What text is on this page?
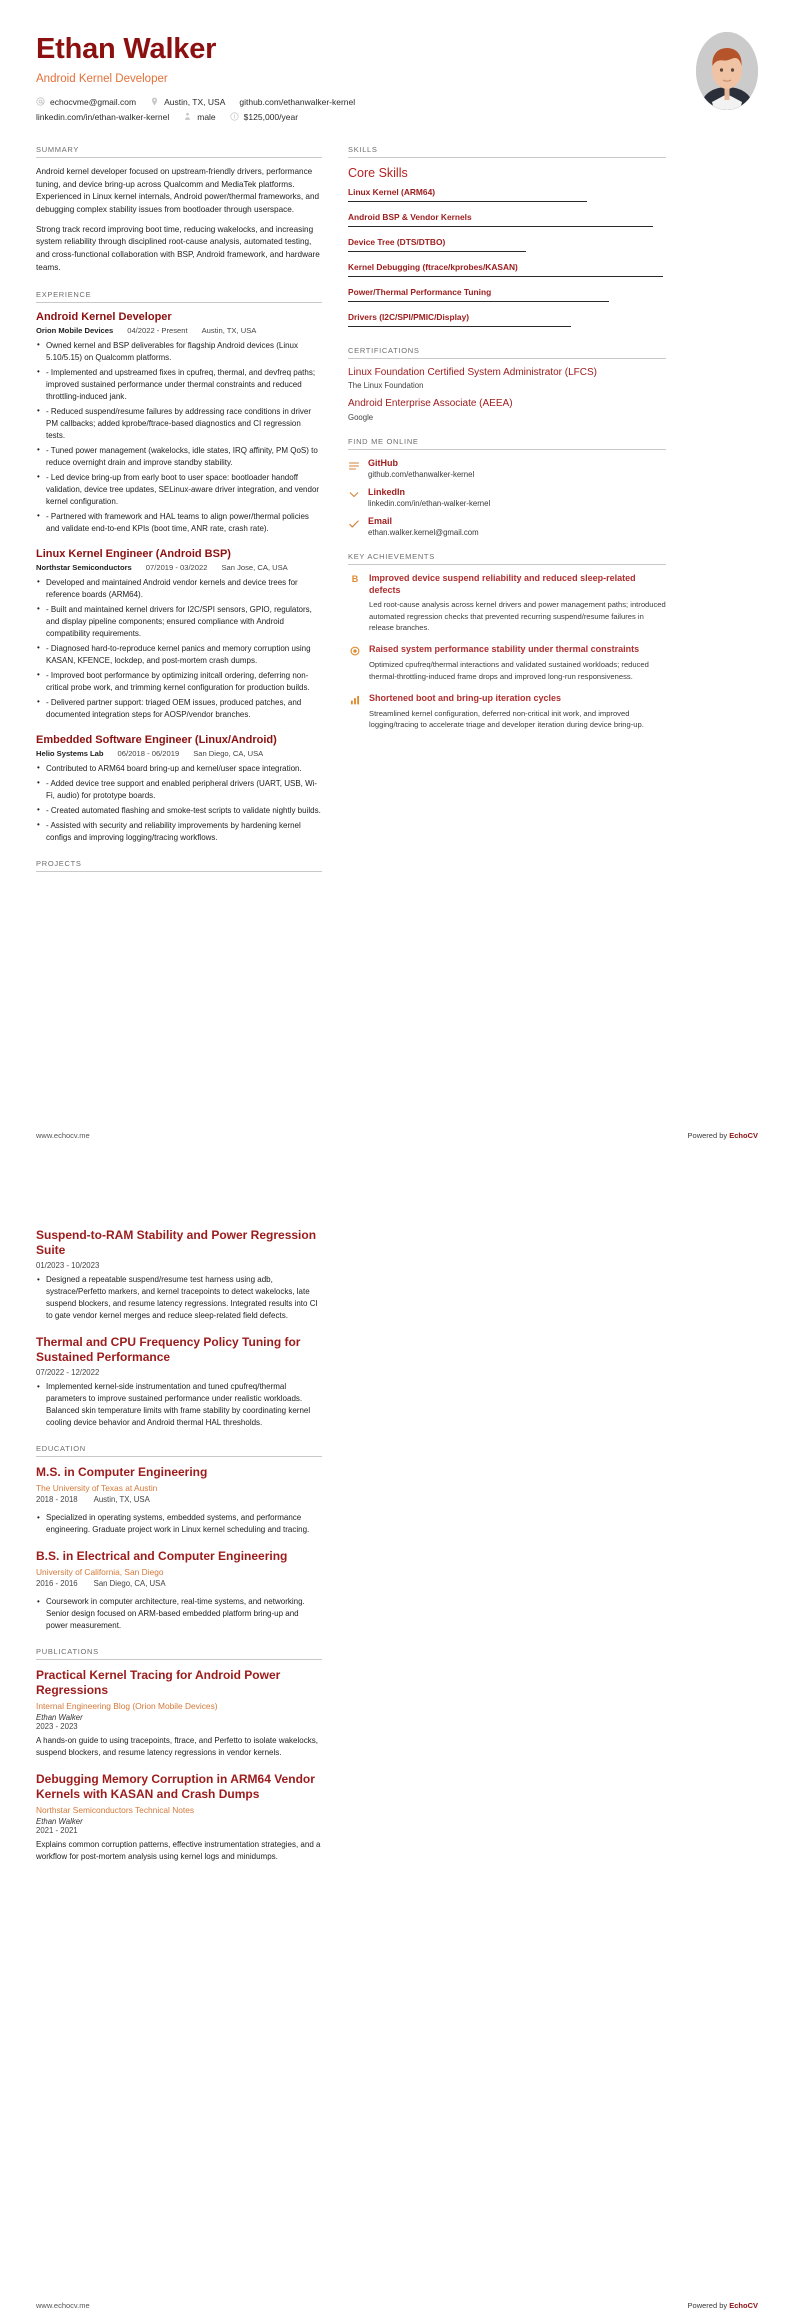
Ethan Walker
Android Kernel Developer
echocvme@gmail.com	Austin, TX, USA github.com/ethanwalker-kernel
linkedin.com/in/ethan-walker-kernel	male	$125,000/year
SUMMARY
Android kernel developer focused on upstream-friendly drivers, performance tuning, and device bring-up across Qualcomm and MediaTek platforms. Experienced in Linux kernel internals, Android power/thermal frameworks, and debugging complex stability issues from bootloader through userspace.
Strong track record improving boot time, reducing wakelocks, and increasing system reliability through disciplined root-cause analysis, automated testing, and cross-functional collaboration with BSP, Android framework, and hardware teams.
EXPERIENCE
Android Kernel Developer
Orion Mobile Devices 04/2022 - Present Austin, TX, USA
• Owned kernel and BSP deliverables for flagship Android devices (Linux 5.10/5.15) on Qualcomm platforms.
• - Implemented and upstreamed fixes in cpufreq, thermal, and devfreq paths; improved sustained performance under thermal constraints and reduced throttling-induced jank.
• - Reduced suspend/resume failures by addressing race conditions in driver PM callbacks; added kprobe/ftrace-based diagnostics and CI regression tests.
• - Tuned power management (wakelocks, idle states, IRQ affinity, PM QoS) to reduce overnight drain and improve standby stability.
• - Led device bring-up from early boot to user space: bootloader handoff validation, device tree updates, SELinux-aware driver integration, and vendor kernel configuration.
• - Partnered with framework and HAL teams to align power/thermal policies and validate end-to-end KPIs (boot time, ANR rate, crash rate).
Linux Kernel Engineer (Android BSP)
Northstar Semiconductors 07/2019 - 03/2022 San Jose, CA, USA
• Developed and maintained Android vendor kernels and device trees for reference boards (ARM64).
• - Built and maintained kernel drivers for I2C/SPI sensors, GPIO, regulators, and display pipeline components; ensured compliance with Android compatibility requirements.
• - Diagnosed hard-to-reproduce kernel panics and memory corruption using KASAN, KFENCE, lockdep, and post-mortem crash dumps.
• - Improved boot performance by optimizing initcall ordering, deferring non-critical probe work, and trimming kernel configuration for production builds.
• - Delivered partner support: triaged OEM issues, produced patches, and documented integration steps for AOSP/vendor branches.
Embedded Software Engineer (Linux/Android)
Helio Systems Lab 06/2018 - 06/2019 San Diego, CA, USA
• Contributed to ARM64 board bring-up and kernel/user space integration.
• - Added device tree support and enabled peripheral drivers (UART, USB, Wi-Fi, audio) for prototype boards.
• - Created automated flashing and smoke-test scripts to validate nightly builds.
• - Assisted with security and reliability improvements by hardening kernel configs and improving logging/tracing workflows.
PROJECTS
SKILLS
Core Skills
Linux Kernel (ARM64)
Android BSP & Vendor Kernels
Device Tree (DTS/DTBO)
Kernel Debugging (ftrace/kprobes/KASAN)
Power/Thermal Performance Tuning
Drivers (I2C/SPI/PMIC/Display)
CERTIFICATIONS
Linux Foundation Certified System Administrator (LFCS)
The Linux Foundation
Android Enterprise Associate (AEEA)
Google
FIND ME ONLINE
GitHub
github.com/ethanwalker-kernel
LinkedIn
linkedin.com/in/ethan-walker-kernel
Email
ethan.walker.kernel@gmail.com
KEY ACHIEVEMENTS
B	Improved device suspend reliability and reduced sleep-related defects
Led root-cause analysis across kernel drivers and power management paths; introduced automated regression checks that prevented recurring suspend/resume failures in release branches.
Raised system performance stability under thermal constraints
Optimized cpufreq/thermal interactions and validated sustained workloads; reduced thermal-throttling-induced frame drops and improved long-run responsiveness.
Shortened boot and bring-up iteration cycles
Streamlined kernel configuration, deferred non-critical init work, and improved logging/tracing to accelerate triage and developer iteration during device bring-up.
www.echocv.me	Powered by EchoCV
Suspend-to-RAM Stability and Power Regression Suite
01/2023 - 10/2023
• Designed a repeatable suspend/resume test harness using adb, systrace/Perfetto markers, and kernel tracepoints to detect wakelocks, late suspend blockers, and resume latency regressions. Integrated results into CI to gate vendor kernel merges and reduce sleep-related field defects.
Thermal and CPU Frequency Policy Tuning for Sustained Performance
07/2022 - 12/2022
• Implemented kernel-side instrumentation and tuned cpufreq/thermal parameters to improve sustained performance under realistic workloads. Balanced skin temperature limits with frame stability by coordinating kernel cooling device behavior and Android thermal HAL thresholds.
EDUCATION
M.S. in Computer Engineering
The University of Texas at Austin
2018 - 2018 Austin, TX, USA
• Specialized in operating systems, embedded systems, and performance engineering. Graduate project work in Linux kernel scheduling and tracing.
B.S. in Electrical and Computer Engineering
University of California, San Diego
2016 - 2016 San Diego, CA, USA
• Coursework in computer architecture, real-time systems, and networking. Senior design focused on ARM-based embedded platform bring-up and power measurement.
PUBLICATIONS
Practical Kernel Tracing for Android Power Regressions
Internal Engineering Blog (Orion Mobile Devices)
Ethan Walker
2023 - 2023
A hands-on guide to using tracepoints, ftrace, and Perfetto to isolate wakelocks, suspend blockers, and resume latency regressions in vendor kernels.
Debugging Memory Corruption in ARM64 Vendor Kernels with KASAN and Crash Dumps
Northstar Semiconductors Technical Notes
Ethan Walker
2021 - 2021
Explains common corruption patterns, effective instrumentation strategies, and a workflow for post-mortem analysis using kernel logs and minidumps.
www.echocv.me	Powered by EchoCV
